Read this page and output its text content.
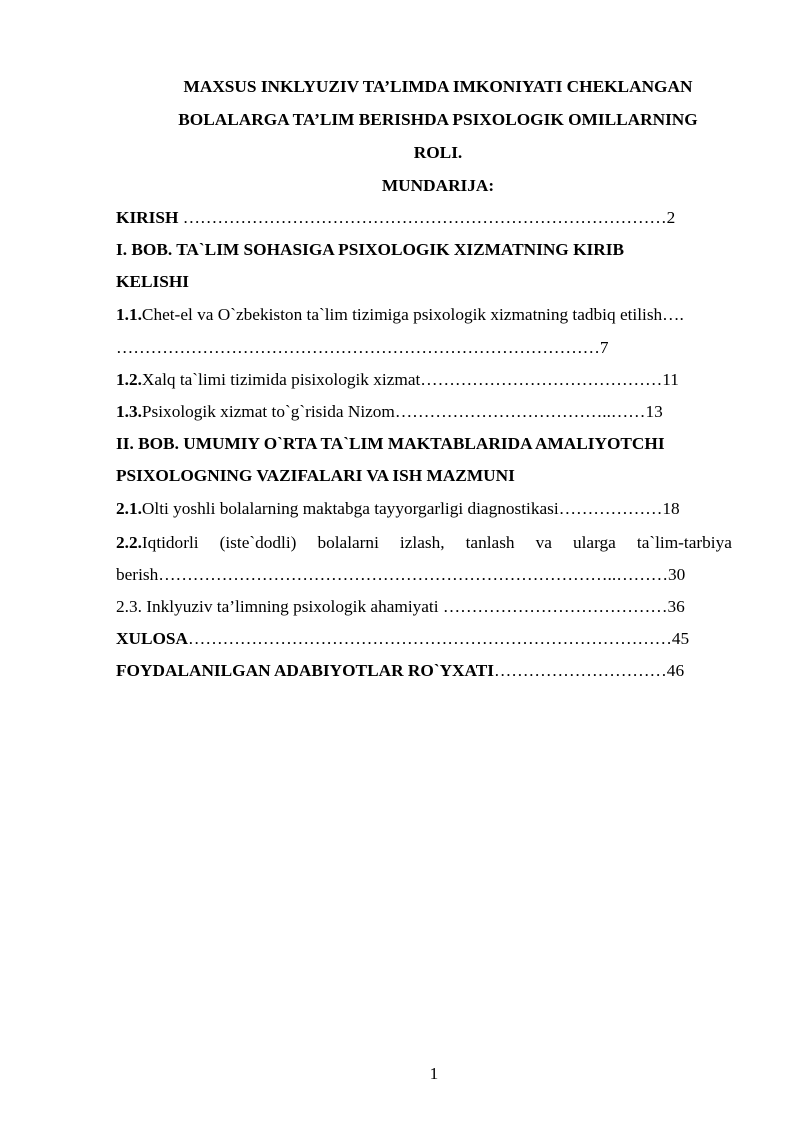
MAXSUS INKLYUZIV TA’LIMDA IMKONIYATI CHEKLANGAN
BOLALARGA TA’LIM BERISHDA PSIXOLOGIK OMILLARNING
ROLI.
MUNDARIJA:
KIRISH …………………………………………………………………………2
I. BOB. TA`LIM SOHASIGA PSIXOLOGIK XIZMATNING KIRIB
KELISHI
1.1.Chet-el va O`zbekiston ta`lim tizimiga psixologik xizmatning tadbiq etilish….
…………………………………………………………………………7
1.2.Xalq ta`limi tizimida pisixologik xizmat……………………………………11
1.3.Psixologik xizmat to`g`risida Nizom………………………………..……13
II. BOB. UMUMIY O`RTA TA`LIM MAKTABLARIDA AMALIYOTCHI
PSIXOLOGNING VAZIFALARI VA ISH MAZMUNI
2.1.Olti yoshli bolalarning maktabga tayyorgarligi diagnostikasi………………18
2.2.Iqtidorli (iste`dodli) bolalarni izlash, tanlash va ularga ta`lim-tarbiya
berish……………………………………………………………………..………30
2.3. Inklyuziv ta’limning psixologik ahamiyati …………………………………36
XULOSA…………………………………………………………………………45
FOYDALANILGAN ADABIYOTLAR RO`YXATI…………………………46
1
